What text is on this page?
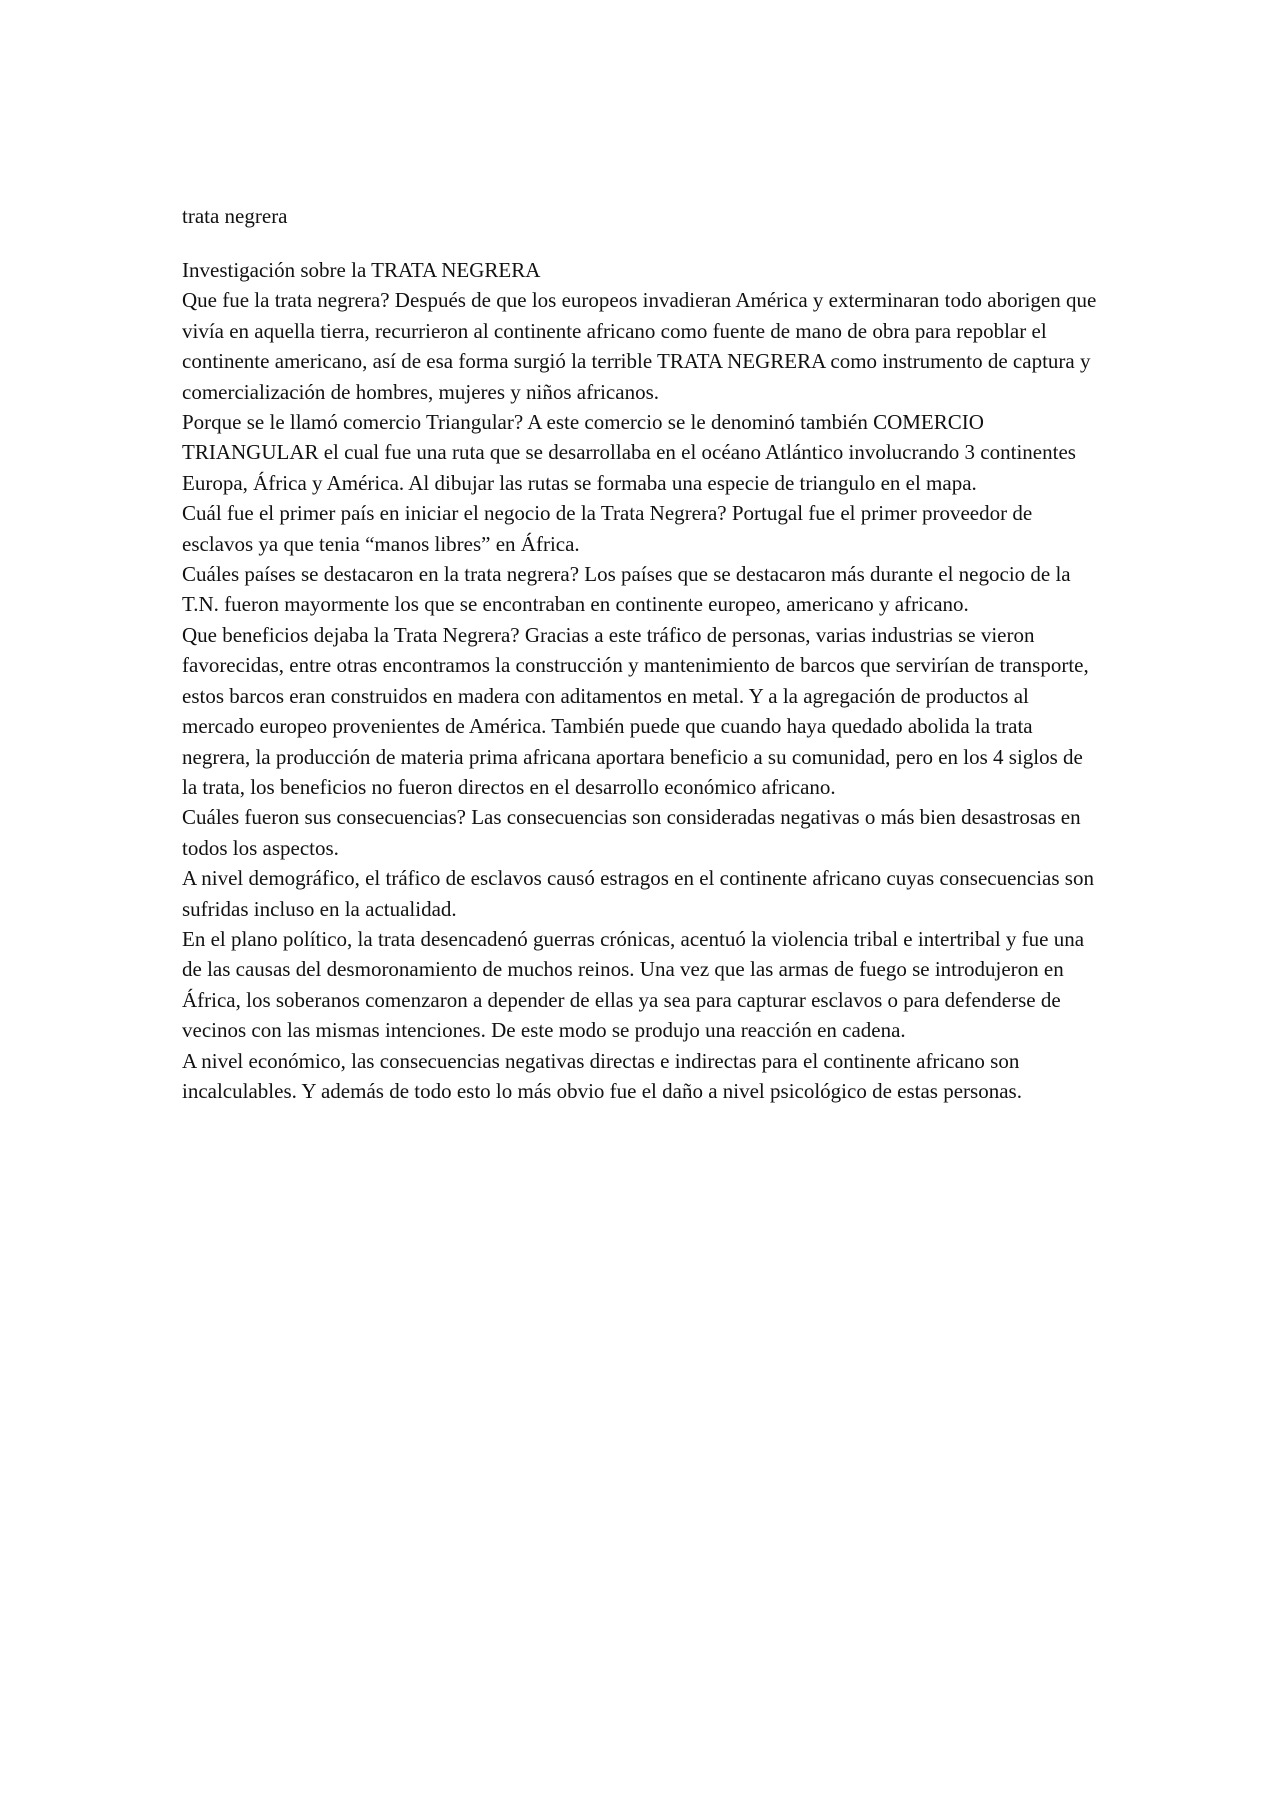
trata negrera

Investigación sobre la TRATA NEGRERA

Que fue la trata negrera? Después de que los europeos invadieran América y exterminaran todo aborigen que vivía en aquella tierra, recurrieron al continente africano como fuente de mano de obra para repoblar el continente americano, así de esa forma surgió la terrible TRATA NEGRERA como instrumento de captura y comercialización de hombres, mujeres y niños africanos.

Porque se le llamó comercio Triangular? A este comercio se le denominó también COMERCIO TRIANGULAR el cual fue una ruta que se desarrollaba en el océano Atlántico involucrando 3 continentes Europa, África y América. Al dibujar las rutas se formaba una especie de triangulo en el mapa.

Cuál fue el primer país en iniciar el negocio de la Trata Negrera? Portugal fue el primer proveedor de esclavos ya que tenia “manos libres” en África.

Cuáles países se destacaron en la trata negrera? Los países que se destacaron más durante el negocio de la T.N. fueron mayormente los que se encontraban en continente europeo, americano y africano.

Que beneficios dejaba la Trata Negrera? Gracias a este tráfico de personas, varias industrias se vieron favorecidas, entre otras encontramos la construcción y mantenimiento de barcos que servirían de transporte, estos barcos eran construidos en madera con aditamentos en metal. Y a la agregación de productos al mercado europeo provenientes de América. También puede que cuando haya quedado abolida la trata negrera, la producción de materia prima africana aportara beneficio a su comunidad, pero en los 4 siglos de la trata, los beneficios no fueron directos en el desarrollo económico africano.

Cuáles fueron sus consecuencias? Las consecuencias son consideradas negativas o más bien desastrosas en todos los aspectos.

A nivel demográfico, el tráfico de esclavos causó estragos en el continente africano cuyas consecuencias son sufridas incluso en la actualidad.

En el plano político, la trata desencadenó guerras crónicas, acentuó la violencia tribal e intertribal y fue una de las causas del desmoronamiento de muchos reinos. Una vez que las armas de fuego se introdujeron en África, los soberanos comenzaron a depender de ellas ya sea para capturar esclavos o para defenderse de vecinos con las mismas intenciones. De este modo se produjo una reacción en cadena.

A nivel económico, las consecuencias negativas directas e indirectas para el continente africano son incalculables. Y además de todo esto lo más obvio fue el daño a nivel psicológico de estas personas.
